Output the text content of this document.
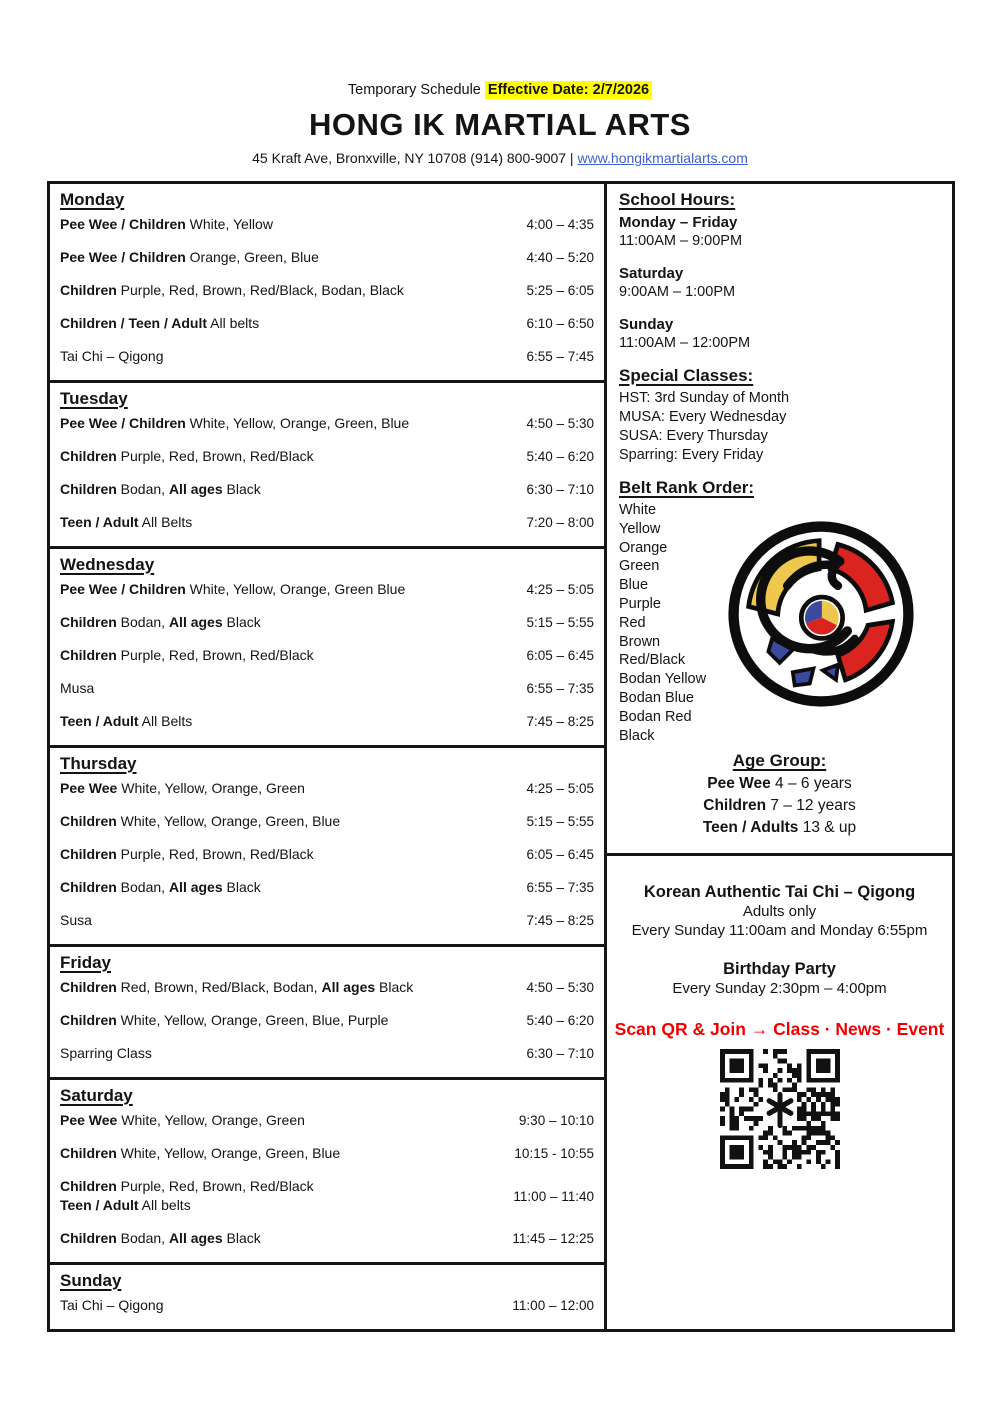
Temporary Schedule Effective Date: 2/7/2026
HONG IK MARTIAL ARTS
45 Kraft Ave, Bronxville, NY 10708 (914) 800-9007 | www.hongikmartialarts.com
Monday
Pee Wee / Children White, Yellow	4:00 – 4:35
Pee Wee / Children Orange, Green, Blue	4:40 – 5:20
Children Purple, Red, Brown, Red/Black, Bodan, Black	5:25 – 6:05
Children / Teen / Adult All belts	6:10 – 6:50
Tai Chi – Qigong	6:55 – 7:45
Tuesday
Pee Wee / Children White, Yellow, Orange, Green, Blue	4:50 – 5:30
Children Purple, Red, Brown, Red/Black	5:40 – 6:20
Children Bodan, All ages Black	6:30 – 7:10
Teen / Adult All Belts	7:20 – 8:00
Wednesday
Pee Wee / Children White, Yellow, Orange, Green Blue	4:25 – 5:05
Children Bodan, All ages Black	5:15 – 5:55
Children Purple, Red, Brown, Red/Black	6:05 – 6:45
Musa	6:55 – 7:35
Teen / Adult All Belts	7:45 – 8:25
Thursday
Pee Wee White, Yellow, Orange, Green	4:25 – 5:05
Children White, Yellow, Orange, Green, Blue	5:15 – 5:55
Children Purple, Red, Brown, Red/Black	6:05 – 6:45
Children Bodan, All ages Black	6:55 – 7:35
Susa	7:45 – 8:25
Friday
Children Red, Brown, Red/Black, Bodan, All ages Black	4:50 – 5:30
Children White, Yellow, Orange, Green, Blue, Purple	5:40 – 6:20
Sparring Class	6:30 – 7:10
Saturday
Pee Wee White, Yellow, Orange, Green	9:30 – 10:10
Children White, Yellow, Orange, Green, Blue	10:15 - 10:55
Children Purple, Red, Brown, Red/Black
Teen / Adult All belts
11:00 – 11:40
Children Bodan, All ages Black	11:45 – 12:25
Sunday
Tai Chi – Qigong	11:00 – 12:00
School Hours:
Monday – Friday
11:00AM – 9:00PM
Saturday
9:00AM – 1:00PM
Sunday
11:00AM – 12:00PM
Special Classes:
HST: 3rd Sunday of Month
MUSA: Every Wednesday
SUSA: Every Thursday
Sparring: Every Friday
Belt Rank Order:
White
Yellow
Orange
Green
Blue
Purple
Red
Brown
Red/Black
Bodan Yellow
Bodan Blue
Bodan Red
Black
Age Group:
Pee Wee 4 – 6 years
Children 7 – 12 years
Teen / Adults 13 & up
Korean Authentic Tai Chi – Qigong
Adults only
Every Sunday 11:00am and Monday 6:55pm
Birthday Party
Every Sunday 2:30pm – 4:00pm
Scan QR & Join → Class · News · Event
